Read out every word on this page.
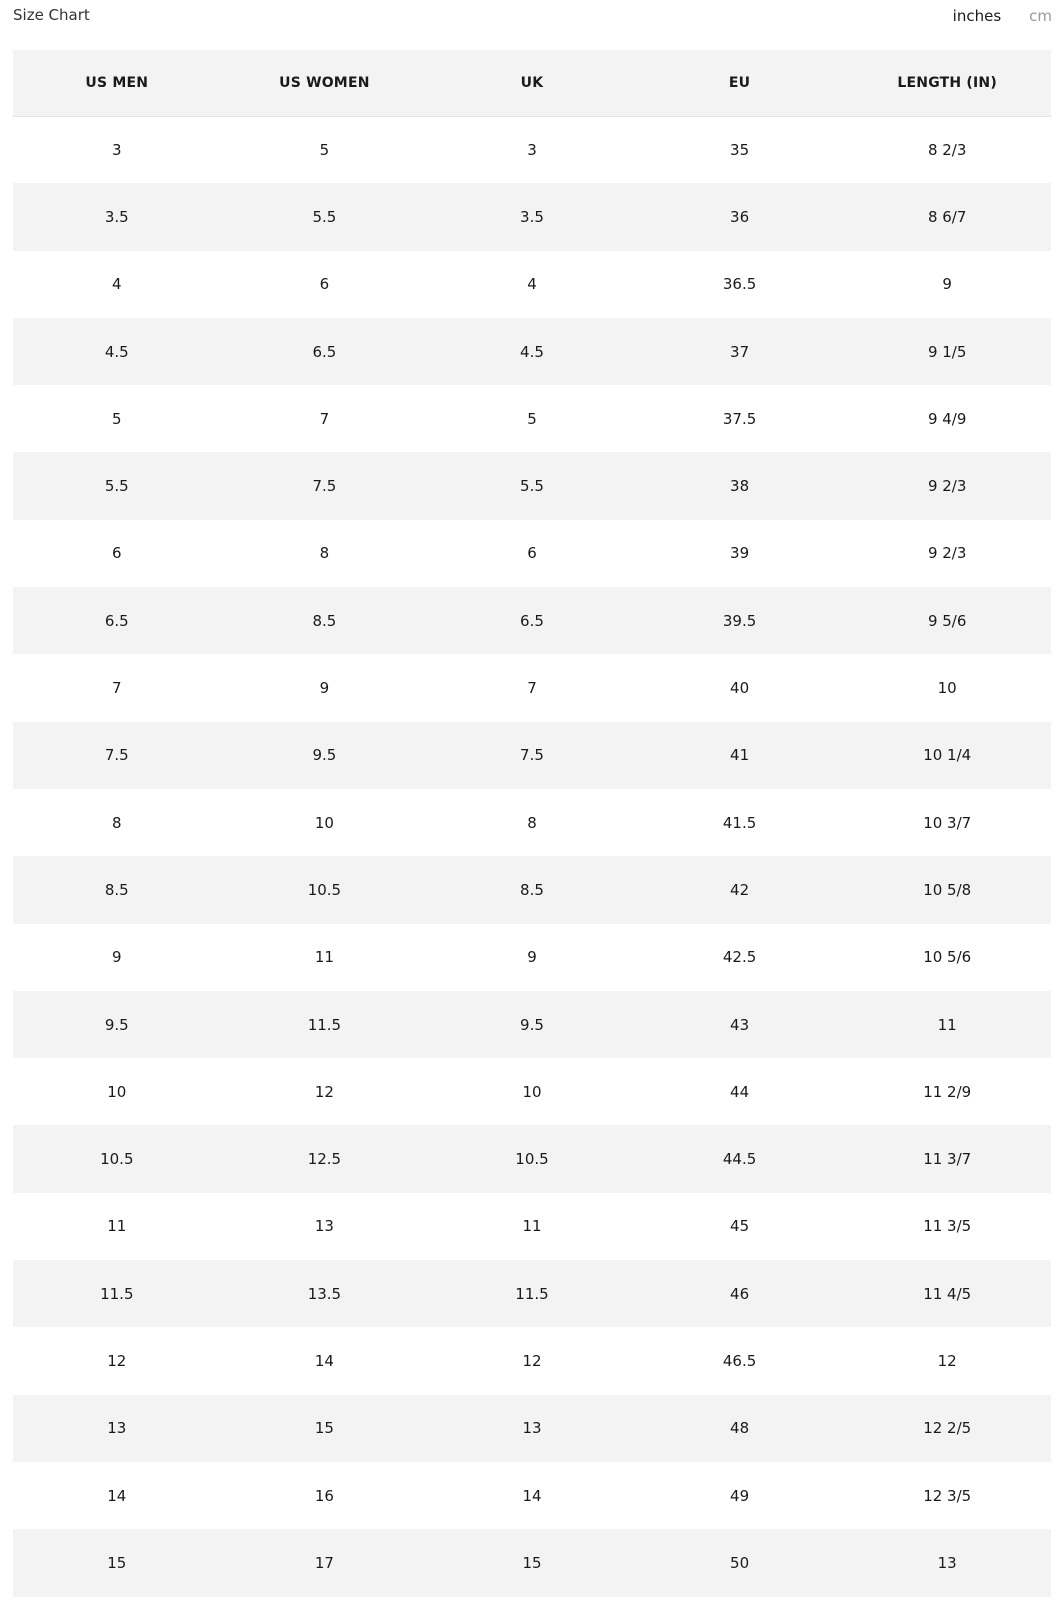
Size Chart	inches cm
US MEN	US WOMEN	UK	EU	LENGTH (IN)
3	5	3	35	8 2/3
3.5	5.5	3.5	36	8 6/7
4	6	4	36.5	9
4.5	6.5	4.5	37	9 1/5
5	7	5	37.5	9 4/9
5.5	7.5	5.5	38	9 2/3
6	8	6	39	9 2/3
6.5	8.5	6.5	39.5	9 5/6
7	9	7	40	10
7.5	9.5	7.5	41	10 1/4
8	10	8	41.5	10 3/7
8.5	10.5	8.5	42	10 5/8
9	11	9	42.5	10 5/6
9.5	11.5	9.5	43	11
10	12	10	44	11 2/9
10.5	12.5	10.5	44.5	11 3/7
11	13	11	45	11 3/5
11.5	13.5	11.5	46	11 4/5
12	14	12	46.5	12
13	15	13	48	12 2/5
14	16	14	49	12 3/5
15	17	15	50	13
